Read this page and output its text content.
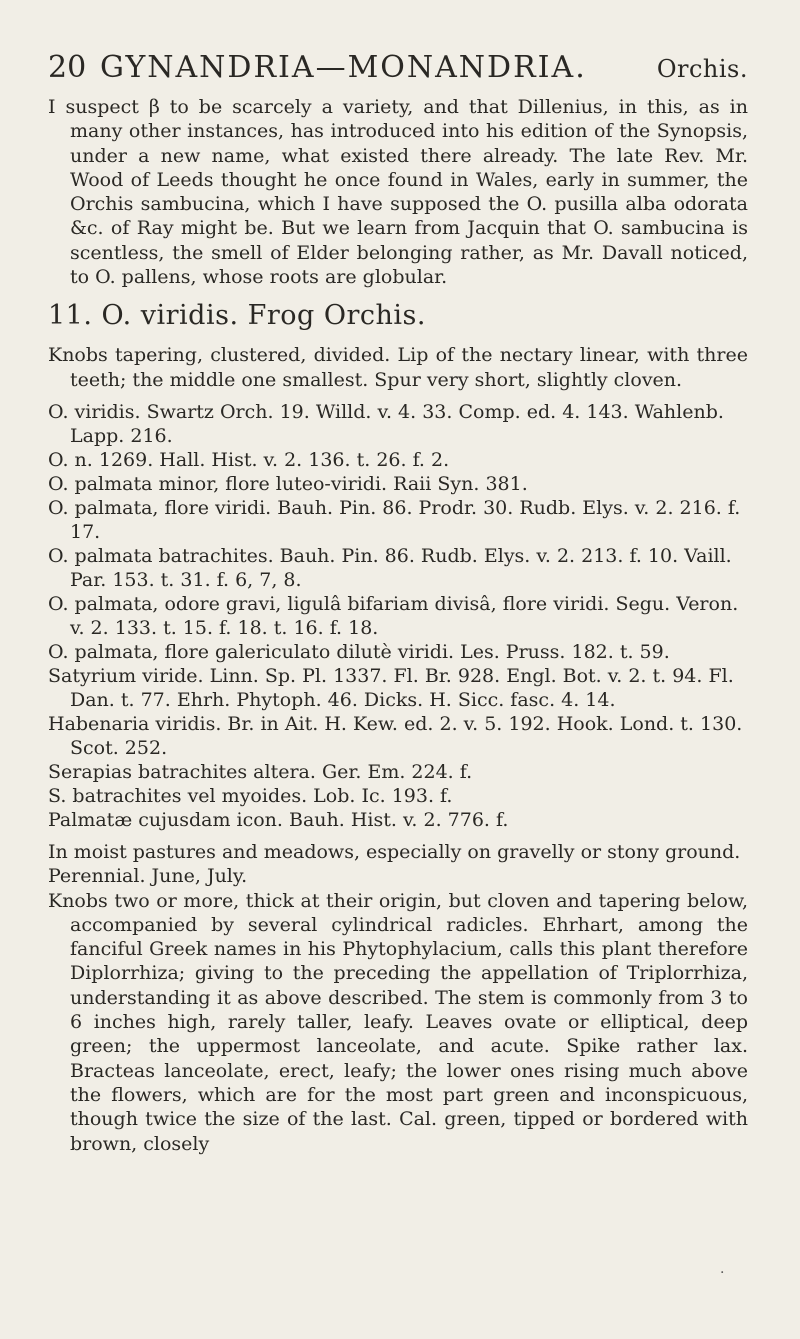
20 GYNANDRIA—MONANDRIA.	Orchis.

I suspect β to be scarcely a variety, and that Dillenius, in this, as in many other instances, has introduced into his edition of the Synopsis, under a new name, what existed there already. The late Rev. Mr. Wood of Leeds thought he once found in Wales, early in summer, the Orchis sambucina, which I have supposed the O. pusilla alba odorata &c. of Ray might be. But we learn from Jacquin that O. sambucina is scentless, the smell of Elder belonging rather, as Mr. Davall noticed, to O. pallens, whose roots are globular.

11. O. viridis. Frog Orchis.

Knobs tapering, clustered, divided. Lip of the nectary linear, with three teeth; the middle one smallest. Spur very short, slightly cloven.

O. viridis. Swartz Orch. 19. Willd. v. 4. 33. Comp. ed. 4. 143. Wahlenb. Lapp. 216.

O. n. 1269. Hall. Hist. v. 2. 136. t. 26. f. 2.

O. palmata minor, flore luteo-viridi. Raii Syn. 381.

O. palmata, flore viridi. Bauh. Pin. 86. Prodr. 30. Rudb. Elys. v. 2. 216. f. 17.

O. palmata batrachites. Bauh. Pin. 86. Rudb. Elys. v. 2. 213. f. 10. Vaill. Par. 153. t. 31. f. 6, 7, 8.

O. palmata, odore gravi, ligulâ bifariam divisâ, flore viridi. Segu. Veron. v. 2. 133. t. 15. f. 18. t. 16. f. 18.

O. palmata, flore galericulato dilutè viridi. Les. Pruss. 182. t. 59.

Satyrium viride. Linn. Sp. Pl. 1337. Fl. Br. 928. Engl. Bot. v. 2. t. 94. Fl. Dan. t. 77. Ehrh. Phytoph. 46. Dicks. H. Sicc. fasc. 4. 14.

Habenaria viridis. Br. in Ait. H. Kew. ed. 2. v. 5. 192. Hook. Lond. t. 130. Scot. 252.

Serapias batrachites altera. Ger. Em. 224. f.

S. batrachites vel myoides. Lob. Ic. 193. f.

Palmatæ cujusdam icon. Bauh. Hist. v. 2. 776. f.

In moist pastures and meadows, especially on gravelly or stony ground.

Perennial. June, July.

Knobs two or more, thick at their origin, but cloven and tapering below, accompanied by several cylindrical radicles. Ehrhart, among the fanciful Greek names in his Phytophylacium, calls this plant therefore Diplorrhiza; giving to the preceding the appellation of Triplorrhiza, understanding it as above described. The stem is commonly from 3 to 6 inches high, rarely taller, leafy. Leaves ovate or elliptical, deep green; the uppermost lanceolate, and acute. Spike rather lax. Bracteas lanceolate, erect, leafy; the lower ones rising much above the flowers, which are for the most part green and inconspicuous, though twice the size of the last. Cal. green, tipped or bordered with brown, closely

·
